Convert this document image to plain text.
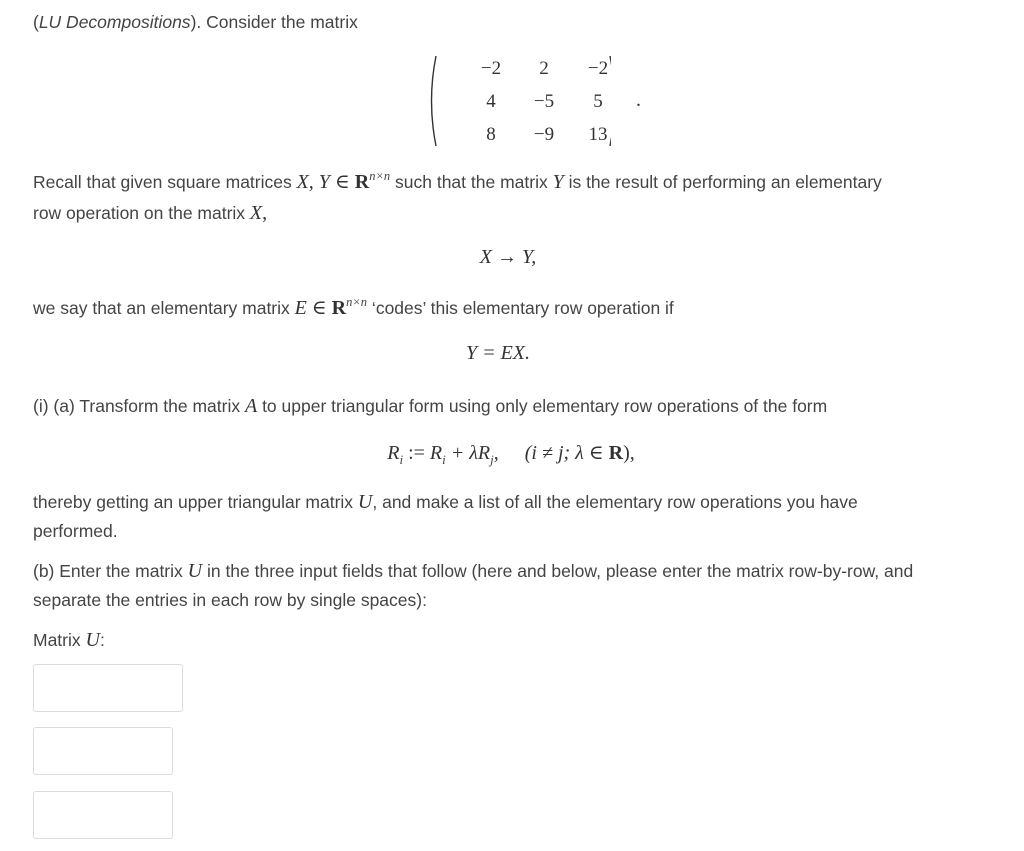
(LU Decompositions). Consider the matrix

−2	2	−2
4	−5	5
8	−9	13
.

Recall that given square matrices X, Y ∈ $R^{n\times n}$ such that the matrix Y is the result of performing an elementary
row operation on the matrix X,

X → Y,

we say that an elementary matrix E ∈ $R^{n\times n}$ ‘codes’ this elementary row operation if

Y = EX.

(i) (a) Transform the matrix A to upper triangular form using only elementary row operations of the form

$R_i$ := $R_i + \lambda R_j$, (i ≠ j; λ ∈ R),

thereby getting an upper triangular matrix U, and make a list of all the elementary row operations you have
performed.

(b) Enter the matrix U in the three input fields that follow (here and below, please enter the matrix row-by-row, and
separate the entries in each row by single spaces):

Matrix U:
